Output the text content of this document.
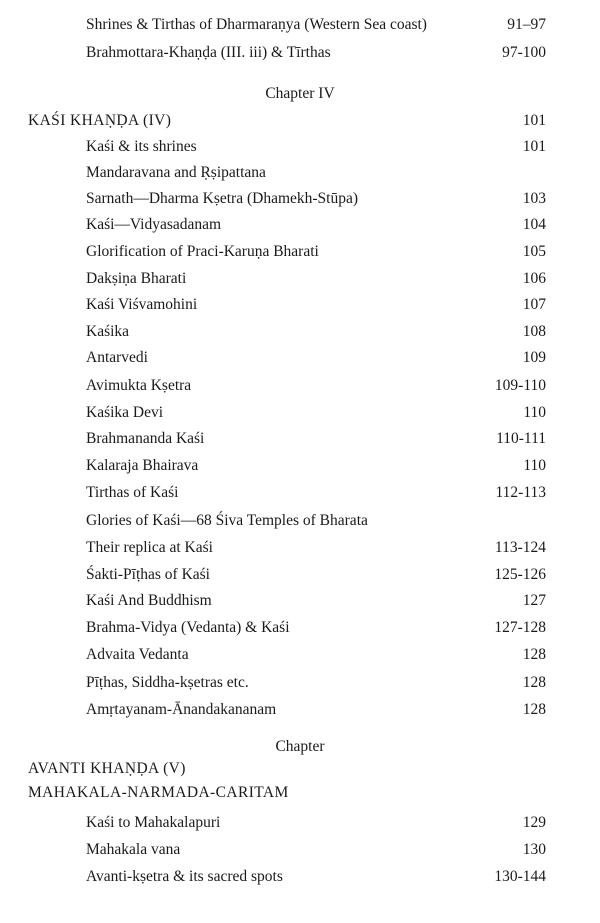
Shrines & Tirthas of Dharmaraṇya (Western Sea coast)	91–97
Brahmottara-Khaṇḍa (III. iii) & Tīrthas	97-100
Chapter IV
KAŚI KHAṆḌA (IV)	101
Kaśi & its shrines	101
Mandaravana and Ṛṣipattana
Sarnath—Dharma Kṣetra (Dhamekh-Stūpa)	103
Kaśi—Vidyasadanam	104
Glorification of Praci-Karuṇa Bharati	105
Dakṣiṇa Bharati	106
Kaśi Viśvamohini	107
Kaśika	108
Antarvedi	109
Avimukta Kṣetra	109-110
Kaśika Devi	110
Brahmananda Kaśi	110-111
Kalaraja Bhairava	110
Tirthas of Kaśi	112-113
Glories of Kaśi—68 Śiva Temples of Bharata
Their replica at Kaśi	113-124
Śakti-Pīṭhas of Kaśi	125-126
Kaśi And Buddhism	127
Brahma-Vidya (Vedanta) & Kaśi	127-128
Advaita Vedanta	128
Pīṭhas, Siddha-kṣetras etc.	128
Amṛtayanam-Ānandakananam	128
Chapter
AVANTI KHAṆḌA (V)
MAHAKALA-NARMADA-CARITAM
Kaśi to Mahakalapuri	129
Mahakala vana	130
Avanti-kṣetra & its sacred spots	130-144
